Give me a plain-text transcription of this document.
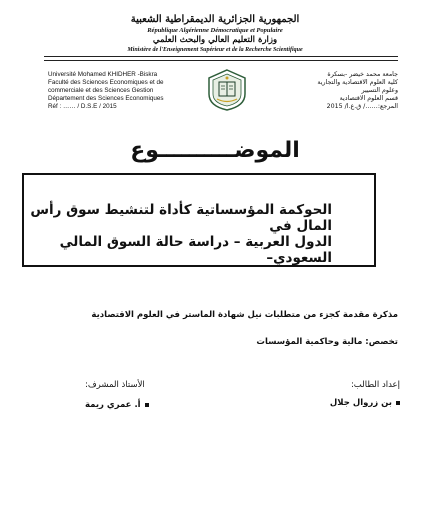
الجمهورية الجزائرية الديمقراطية الشعبية
République Algérienne Démocratique et Populaire
وزارة التعليم العالي والبحث العلمي
Ministère de l'Enseignement Supérieur et de la Recherche Scientifique
Université Mohamed KHIDHER -Biskra
Faculté des Sciences Economiques et de
commerciale et des Sciences Gestion
Département des Sciences Economiques
Réf : …… / D.S.E / 2015
جامعة محمد خيضر -بسكرة
كلية العلوم الاقتصادية والتجارية
وعلوم التسيير
قسم العلوم الاقتصادية
المرجع:……/ ق.ع.ا/ 2015
الموضــــــــــوع
الحوكمة المؤسساتية كأداة لتنشيط سوق رأس المال في
الدول العربية – دراسة حالة السوق المالي السعودي–
مذكرة مقدمة كجزء من متطلبات نيل شهادة الماستر في العلوم الاقتصادية
تخصص: مالية وحاكمية المؤسسات
إعداد الطالب:
بن زروال جلال
الأستاذ المشرف:
أ. عمري ريمة
